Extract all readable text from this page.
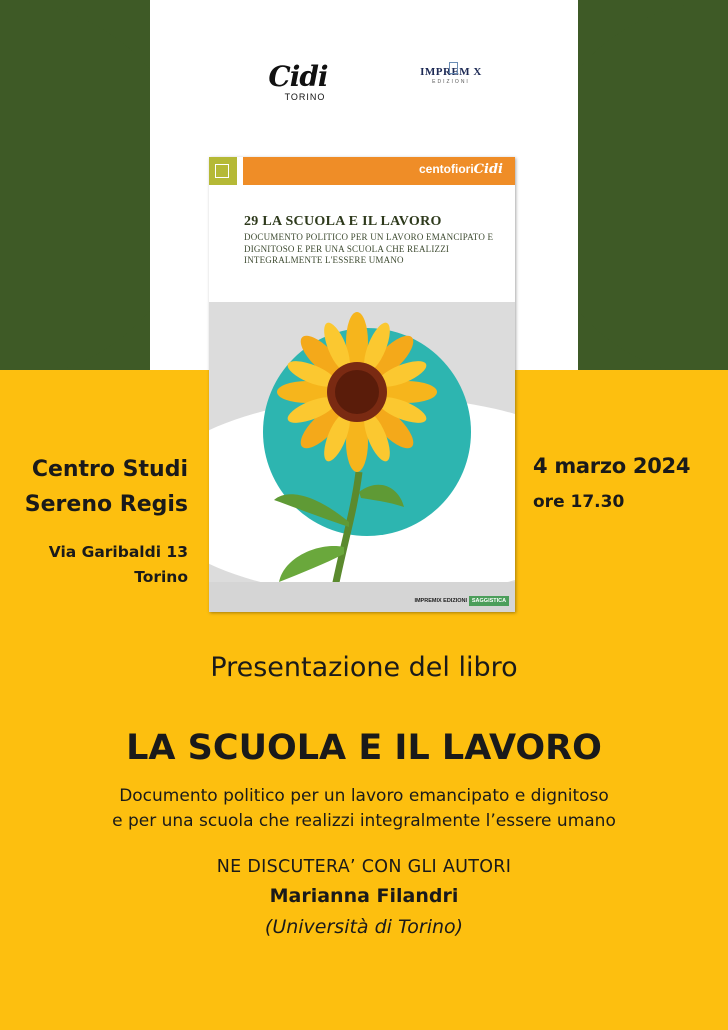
Cidi
TORINO
IMPREM X
EDIZIONI
centofioriCidi
29 LA SCUOLA E IL LAVORO
DOCUMENTO POLITICO PER UN LAVORO EMANCIPATO E DIGNITOSO E PER UNA SCUOLA CHE REALIZZI INTEGRALMENTE L'ESSERE UMANO
IMPREMIX EDIZIONI SAGGISTICA
Centro Studi
Sereno Regis
Via Garibaldi 13
Torino
4 marzo 2024
ore 17.30
Presentazione del libro
LA SCUOLA E IL LAVORO
Documento politico per un lavoro emancipato e dignitoso
e per una scuola che realizzi integralmente l’essere umano
NE DISCUTERA’ CON GLI AUTORI
Marianna Filandri
(Università di Torino)
